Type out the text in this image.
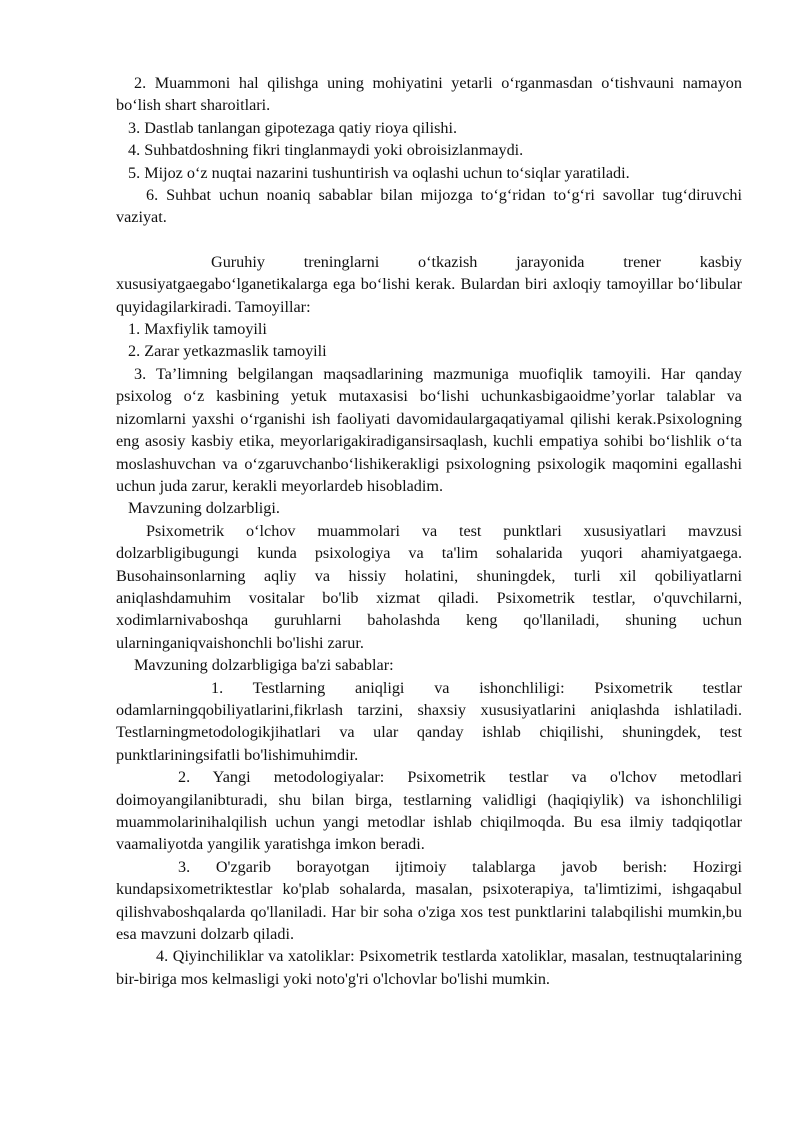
2. Muammoni hal qilishga uning mohiyatini yetarli o‘rganmasdan o‘tishvauni namayon bo‘lish shart sharoitlari.

3. Dastlab tanlangan gipotezaga qatiy rioya qilishi.

4. Suhbatdoshning fikri tinglanmaydi yoki obroisizlanmaydi.

5. Mijoz o‘z nuqtai nazarini tushuntirish va oqlashi uchun to‘siqlar yaratiladi.

6. Suhbat uchun noaniq sabablar bilan mijozga to‘g‘ridan to‘g‘ri savollar tug‘diruvchi vaziyat.

Guruhiy treninglarni o‘tkazish jarayonida trener kasbiy xususiyatgaegabo‘lganetikalarga ega bo‘lishi kerak. Bulardan biri axloqiy tamoyillar bo‘libular quyidagilarkiradi. Tamoyillar:

1. Maxfiylik tamoyili

2. Zarar yetkazmaslik tamoyili

3. Ta’limning belgilangan maqsadlarining mazmuniga muofiqlik tamoyili. Har qanday psixolog o‘z kasbining yetuk mutaxasisi bo‘lishi uchunkasbigaoidme’yorlar talablar va nizomlarni yaxshi o‘rganishi ish faoliyati davomidaulargaqatiyamal qilishi kerak.Psixologning eng asosiy kasbiy etika, meyorlarigakiradigansirsaqlash, kuchli empatiya sohibi bo‘lishlik o‘ta moslashuvchan va o‘zgaruvchanbo‘lishikerakligi psixologning psixologik maqomini egallashi uchun juda zarur, kerakli meyorlardeb hisobladim.

Mavzuning dolzarbligi.

Psixometrik o‘lchov muammolari va test punktlari xususiyatlari mavzusi dolzarbligibugungi kunda psixologiya va ta'lim sohalarida yuqori ahamiyatgaega. Busohainsonlarning aqliy va hissiy holatini, shuningdek, turli xil qobiliyatlarni aniqlashdamuhim vositalar bo'lib xizmat qiladi. Psixometrik testlar, o'quvchilarni, xodimlarnivaboshqa guruhlarni baholashda keng qo'llaniladi, shuning uchun ularninganiqvaishonchli bo'lishi zarur.

Mavzuning dolzarbligiga ba'zi sabablar:

1. Testlarning aniqligi va ishonchliligi: Psixometrik testlar odamlarningqobiliyatlarini,fikrlash tarzini, shaxsiy xususiyatlarini aniqlashda ishlatiladi. Testlarningmetodologikjihatlari va ular qanday ishlab chiqilishi, shuningdek, test punktlariningsifatli bo'lishimuhimdir.

2. Yangi metodologiyalar: Psixometrik testlar va o'lchov metodlari doimoyangilanibturadi, shu bilan birga, testlarning validligi (haqiqiylik) va ishonchliligi muammolarinihalqilish uchun yangi metodlar ishlab chiqilmoqda. Bu esa ilmiy tadqiqotlar vaamaliyotda yangilik yaratishga imkon beradi.

3. O'zgarib borayotgan ijtimoiy talablarga javob berish: Hozirgi kundapsixometriktestlar ko'plab sohalarda, masalan, psixoterapiya, ta'limtizimi, ishgaqabul qilishvaboshqalarda qo'llaniladi. Har bir soha o'ziga xos test punktlarini talabqilishi mumkin,bu esa mavzuni dolzarb qiladi.

4. Qiyinchiliklar va xatoliklar: Psixometrik testlarda xatoliklar, masalan, testnuqtalarining bir-biriga mos kelmasligi yoki noto'g'ri o'lchovlar bo'lishi mumkin.
